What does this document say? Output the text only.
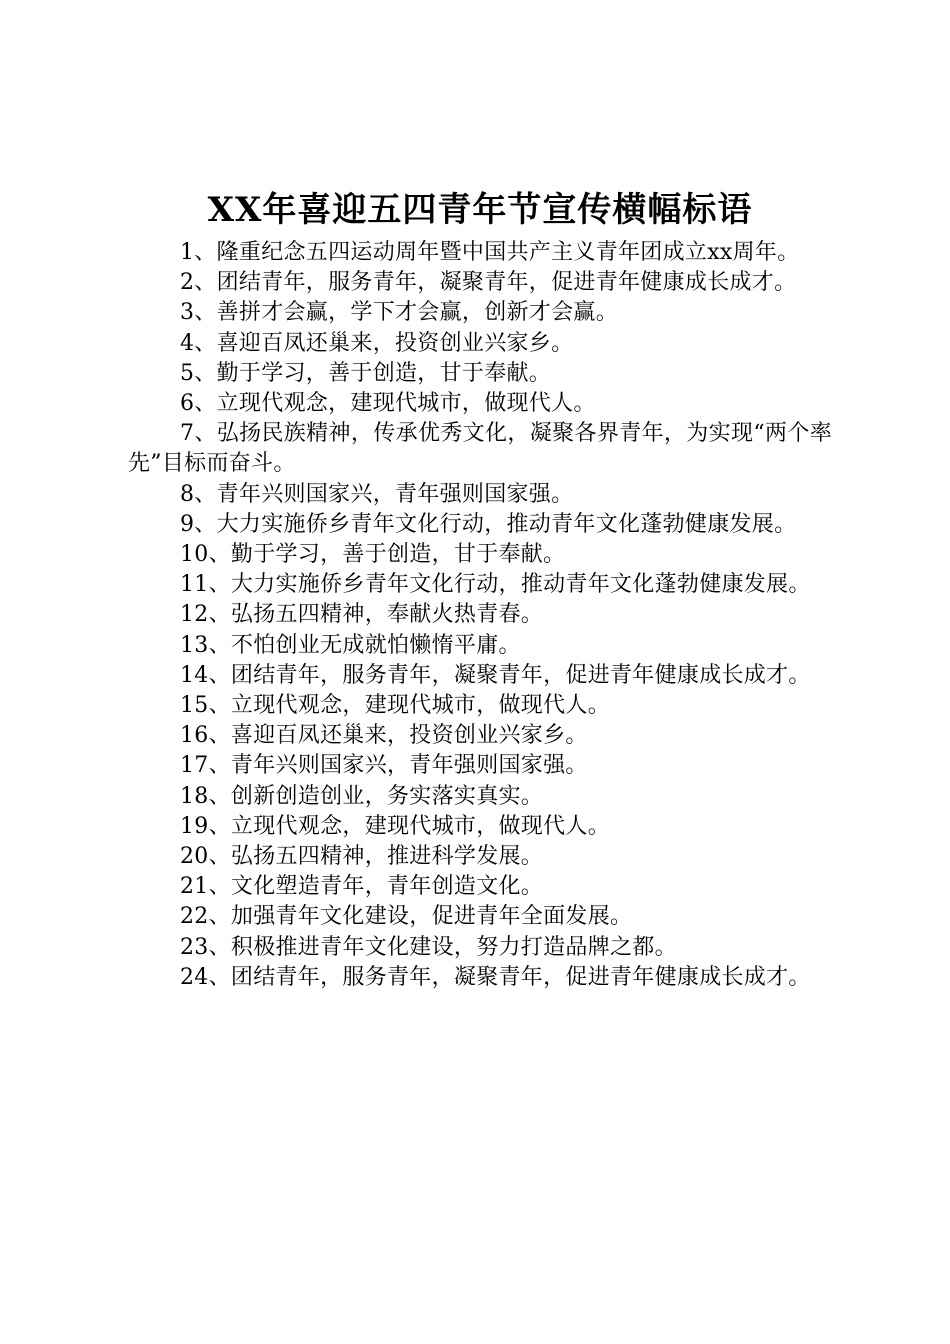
XX年喜迎五四青年节宣传横幅标语

1、隆重纪念五四运动周年暨中国共产主义青年团成立xx周年。

2、团结青年，服务青年，凝聚青年，促进青年健康成长成才。

3、善拼才会赢，学下才会赢，创新才会赢。

4、喜迎百凤还巢来，投资创业兴家乡。

5、勤于学习，善于创造，甘于奉献。

6、立现代观念，建现代城市，做现代人。

7、弘扬民族精神，传承优秀文化，凝聚各界青年，为实现“两个率先”目标而奋斗。

8、青年兴则国家兴，青年强则国家强。

9、大力实施侨乡青年文化行动，推动青年文化蓬勃健康发展。

10、勤于学习，善于创造，甘于奉献。

11、大力实施侨乡青年文化行动，推动青年文化蓬勃健康发展。

12、弘扬五四精神，奉献火热青春。

13、不怕创业无成就怕懒惰平庸。

14、团结青年，服务青年，凝聚青年，促进青年健康成长成才。

15、立现代观念，建现代城市，做现代人。

16、喜迎百凤还巢来，投资创业兴家乡。

17、青年兴则国家兴，青年强则国家强。

18、创新创造创业，务实落实真实。

19、立现代观念，建现代城市，做现代人。

20、弘扬五四精神，推进科学发展。

21、文化塑造青年，青年创造文化。

22、加强青年文化建设，促进青年全面发展。

23、积极推进青年文化建设，努力打造品牌之都。

24、团结青年，服务青年，凝聚青年，促进青年健康成长成才。
